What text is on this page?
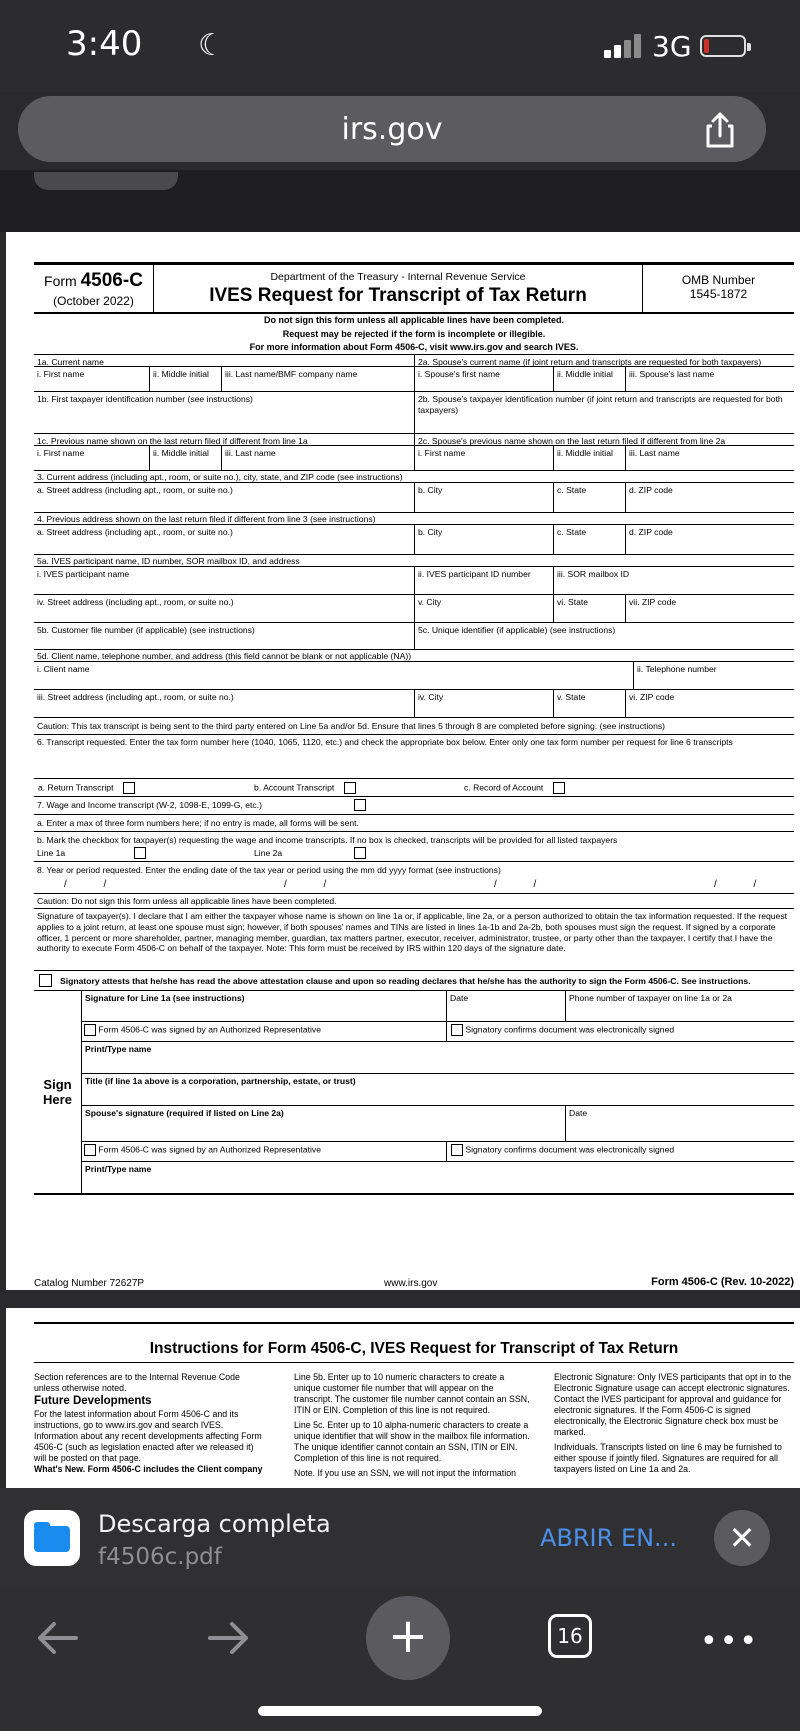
3:40 ☾	3G
irs.gov
Form 4506-C
(October 2022)
Department of the Treasury - Internal Revenue Service
IVES Request for Transcript of Tax Return
OMB Number
1545-1872
Do not sign this form unless all applicable lines have been completed.
Request may be rejected if the form is incomplete or illegible.
For more information about Form 4506-C, visit www.irs.gov and search IVES.
1a. Current name	2a. Spouse's current name (if joint return and transcripts are requested for both taxpayers)
i. First name	ii. Middle initial	iii. Last name/BMF company name	i. Spouse's first name	ii. Middle initial	iii. Spouse's last name
1b. First taxpayer identification number (see instructions)	2b. Spouse's taxpayer identification number (if joint return and transcripts are requested for both taxpayers)
1c. Previous name shown on the last return filed if different from line 1a	2c. Spouse's previous name shown on the last return filed if different from line 2a
i. First name	ii. Middle initial	iii. Last name	i. First name	ii. Middle initial	iii. Last name
3. Current address (including apt., room, or suite no.), city, state, and ZIP code (see instructions)
a. Street address (including apt., room, or suite no.)	b. City	c. State	d. ZIP code
4. Previous address shown on the last return filed if different from line 3 (see instructions)
a. Street address (including apt., room, or suite no.)	b. City	c. State	d. ZIP code
5a. IVES participant name, ID number, SOR mailbox ID, and address
i. IVES participant name	ii. IVES participant ID number	iii. SOR mailbox ID
iv. Street address (including apt., room, or suite no.)	v. City	vi. State	vii. ZIP code
5b. Customer file number (if applicable) (see instructions)	5c. Unique identifier (if applicable) (see instructions)
5d. Client name, telephone number, and address (this field cannot be blank or not applicable (NA))
i. Client name	ii. Telephone number
iii. Street address (including apt., room, or suite no.)	iv. City	v. State	vi. ZIP code
Caution: This tax transcript is being sent to the third party entered on Line 5a and/or 5d. Ensure that lines 5 through 8 are completed before signing. (see instructions)
6. Transcript requested. Enter the tax form number here (1040, 1065, 1120, etc.) and check the appropriate box below. Enter only one tax form number per request for line 6 transcripts
a. Return Transcript	b. Account Transcript	c. Record of Account
7. Wage and Income transcript (W-2, 1098-E, 1099-G, etc.)
a. Enter a max of three form numbers here; if no entry is made, all forms will be sent.
b. Mark the checkbox for taxpayer(s) requesting the wage and income transcripts. If no box is checked, transcripts will be provided for all listed taxpayers
Line 1a	Line 2a
8. Year or period requested. Enter the ending date of the tax year or period using the mm dd yyyy format (see instructions)
/ /	/ /	/ /	/ /
Caution: Do not sign this form unless all applicable lines have been completed.
Signature of taxpayer(s). I declare that I am either the taxpayer whose name is shown on line 1a or, if applicable, line 2a, or a person authorized to obtain the tax information requested. If the request applies to a joint return, at least one spouse must sign; however, if both spouses' names and TINs are listed in lines 1a-1b and 2a-2b, both spouses must sign the request. If signed by a corporate officer, 1 percent or more shareholder, partner, managing member, guardian, tax matters partner, executor, receiver, administrator, trustee, or party other than the taxpayer, I certify that I have the authority to execute Form 4506-C on behalf of the taxpayer. Note: This form must be received by IRS within 120 days of the signature date.
Signatory attests that he/she has read the above attestation clause and upon so reading declares that he/she has the authority to sign the Form 4506-C. See instructions.
Sign Here
Signature for Line 1a (see instructions)	Date	Phone number of taxpayer on line 1a or 2a
Form 4506-C was signed by an Authorized Representative	Signatory confirms document was electronically signed
Print/Type name
Title (if line 1a above is a corporation, partnership, estate, or trust)
Spouse's signature (required if listed on Line 2a)	Date
Form 4506-C was signed by an Authorized Representative	Signatory confirms document was electronically signed
Print/Type name
Catalog Number 72627P	www.irs.gov	Form 4506-C (Rev. 10-2022)
Instructions for Form 4506-C, IVES Request for Transcript of Tax Return

Section references are to the Internal Revenue Code unless otherwise noted.

Future Developments

For the latest information about Form 4506-C and its instructions, go to www.irs.gov and search IVES. Information about any recent developments affecting Form 4506-C (such as legislation enacted after we released it) will be posted on that page.

What's New. Form 4506-C includes the Client company

Line 5b. Enter up to 10 numeric characters to create a unique customer file number that will appear on the transcript. The customer file number cannot contain an SSN, ITIN or EIN. Completion of this line is not required.

Line 5c. Enter up to 10 alpha-numeric characters to create a unique identifier that will show in the mailbox file information. The unique identifier cannot contain an SSN, ITIN or EIN. Completion of this line is not required.

Note. If you use an SSN, we will not input the information

Electronic Signature: Only IVES participants that opt in to the Electronic Signature usage can accept electronic signatures. Contact the IVES participant for approval and guidance for electronic signatures. If the Form 4506-C is signed electronically, the Electronic Signature check box must be marked.

Individuals. Transcripts listed on line 6 may be furnished to either spouse if jointly filed. Signatures are required for all taxpayers listed on Line 1a and 2a.

Descarga completa
f4506c.pdf
ABRIR EN...	✕
+	16	•••
